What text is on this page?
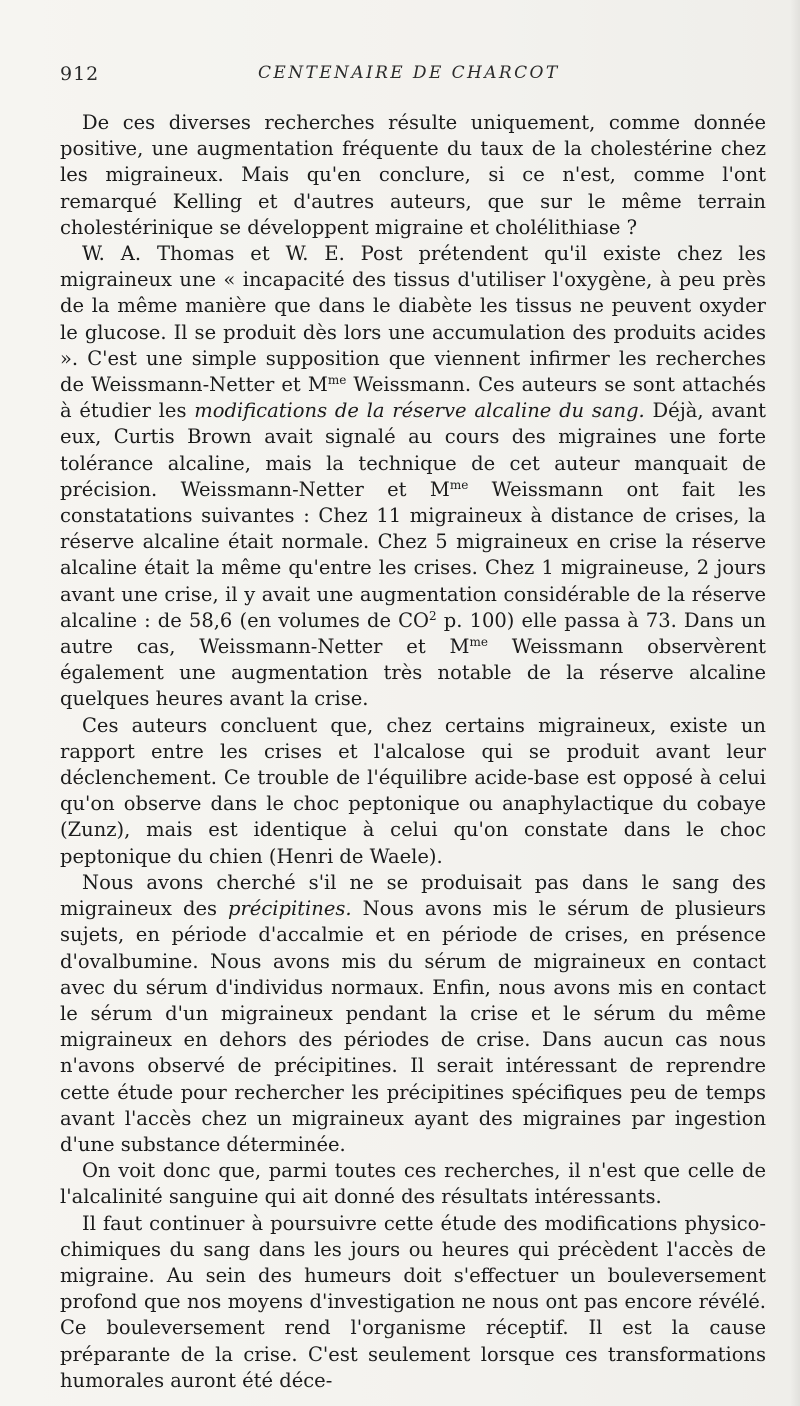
912	CENTENAIRE DE CHARCOT

De ces diverses recherches résulte uniquement, comme donnée positive, une augmentation fréquente du taux de la cholestérine chez les migraineux. Mais qu'en conclure, si ce n'est, comme l'ont remarqué Kelling et d'autres auteurs, que sur le même terrain cholestérinique se développent migraine et cholélithiase ?

W. A. Thomas et W. E. Post prétendent qu'il existe chez les migraineux une « incapacité des tissus d'utiliser l'oxygène, à peu près de la même manière que dans le diabète les tissus ne peuvent oxyder le glucose. Il se produit dès lors une accumulation des produits acides ». C'est une simple supposition que viennent infirmer les recherches de Weissmann-Netter et $M^{me}$ Weissmann. Ces auteurs se sont attachés à étudier les modifications de la réserve alcaline du sang. Déjà, avant eux, Curtis Brown avait signalé au cours des migraines une forte tolérance alcaline, mais la technique de cet auteur manquait de précision. Weissmann-Netter et $M^{me}$ Weissmann ont fait les constatations suivantes : Chez 11 migraineux à distance de crises, la réserve alcaline était normale. Chez 5 migraineux en crise la réserve alcaline était la même qu'entre les crises. Chez 1 migraineuse, 2 jours avant une crise, il y avait une augmentation considérable de la réserve alcaline : de 58,6 (en volumes de $CO^2$ p. 100) elle passa à 73. Dans un autre cas, Weissmann-Netter et $M^{me}$ Weissmann observèrent également une augmentation très notable de la réserve alcaline quelques heures avant la crise.

Ces auteurs concluent que, chez certains migraineux, existe un rapport entre les crises et l'alcalose qui se produit avant leur déclenchement. Ce trouble de l'équilibre acide-base est opposé à celui qu'on observe dans le choc peptonique ou anaphylactique du cobaye (Zunz), mais est identique à celui qu'on constate dans le choc peptonique du chien (Henri de Waele).

Nous avons cherché s'il ne se produisait pas dans le sang des migraineux des précipitines. Nous avons mis le sérum de plusieurs sujets, en période d'accalmie et en période de crises, en présence d'ovalbumine. Nous avons mis du sérum de migraineux en contact avec du sérum d'individus normaux. Enfin, nous avons mis en contact le sérum d'un migraineux pendant la crise et le sérum du même migraineux en dehors des périodes de crise. Dans aucun cas nous n'avons observé de précipitines. Il serait intéressant de reprendre cette étude pour rechercher les précipitines spécifiques peu de temps avant l'accès chez un migraineux ayant des migraines par ingestion d'une substance déterminée.

On voit donc que, parmi toutes ces recherches, il n'est que celle de l'alcalinité sanguine qui ait donné des résultats intéressants.

Il faut continuer à poursuivre cette étude des modifications physico-chimiques du sang dans les jours ou heures qui précèdent l'accès de migraine. Au sein des humeurs doit s'effectuer un bouleversement profond que nos moyens d'investigation ne nous ont pas encore révélé. Ce bouleversement rend l'organisme réceptif. Il est la cause préparante de la crise. C'est seulement lorsque ces transformations humorales auront été déce-
